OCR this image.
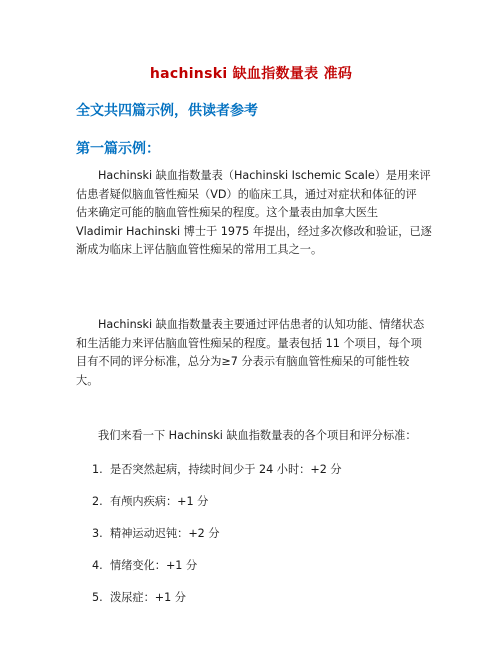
hachinski 缺血指数量表 准码
全文共四篇示例，供读者参考
第一篇示例：
Hachinski 缺血指数量表（Hachinski Ischemic Scale）是用来评
估患者疑似脑血管性痴呆（VD）的临床工具，通过对症状和体征的评
估来确定可能的脑血管性痴呆的程度。这个量表由加拿大医生
Vladimir Hachinski 博士于 1975 年提出，经过多次修改和验证，已逐
渐成为临床上评估脑血管性痴呆的常用工具之一。
Hachinski 缺血指数量表主要通过评估患者的认知功能、情绪状态
和生活能力来评估脑血管性痴呆的程度。量表包括 11 个项目，每个项
目有不同的评分标准，总分为≥7 分表示有脑血管性痴呆的可能性较
大。
我们来看一下 Hachinski 缺血指数量表的各个项目和评分标准：
1. 是否突然起病，持续时间少于 24 小时：+2 分
2. 有颅内疾病：+1 分
3. 精神运动迟钝：+2 分
4. 情绪变化：+1 分
5. 泼尿症：+1 分
